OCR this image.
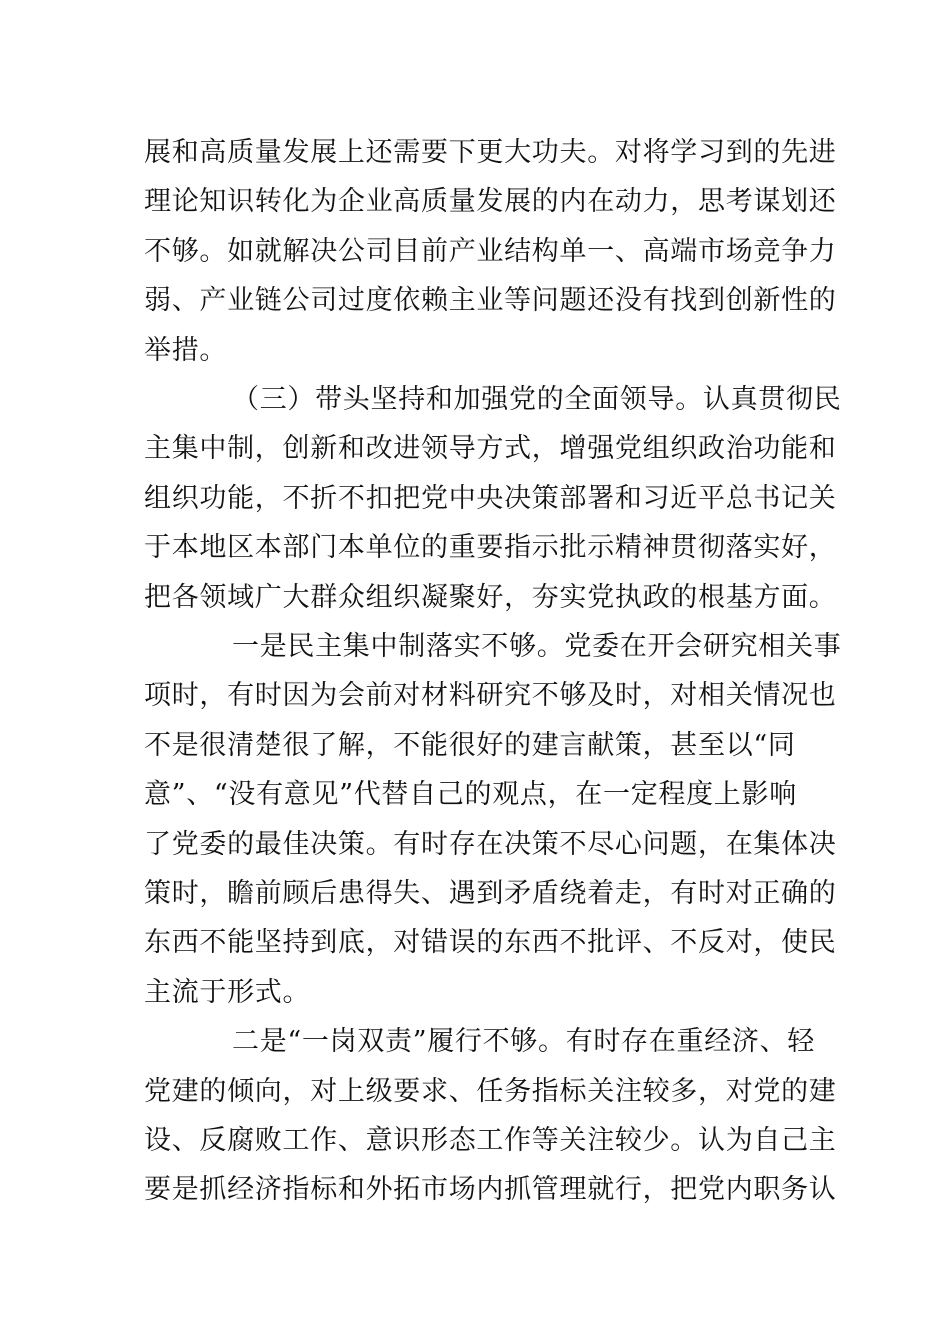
展和高质量发展上还需要下更大功夫。对将学习到的先进
理论知识转化为企业高质量发展的内在动力，思考谋划还
不够。如就解决公司目前产业结构单一、高端市场竞争力
弱、产业链公司过度依赖主业等问题还没有找到创新性的
举措。
（三）带头坚持和加强党的全面领导。认真贯彻民
主集中制，创新和改进领导方式，增强党组织政治功能和
组织功能，不折不扣把党中央决策部署和习近平总书记关
于本地区本部门本单位的重要指示批示精神贯彻落实好，
把各领域广大群众组织凝聚好，夯实党执政的根基方面。
一是民主集中制落实不够。党委在开会研究相关事
项时，有时因为会前对材料研究不够及时，对相关情况也
不是很清楚很了解，不能很好的建言献策，甚至以“同
意”、“没有意见”代替自己的观点，在一定程度上影响
了党委的最佳决策。有时存在决策不尽心问题，在集体决
策时，瞻前顾后患得失、遇到矛盾绕着走，有时对正确的
东西不能坚持到底，对错误的东西不批评、不反对，使民
主流于形式。
二是“一岗双责”履行不够。有时存在重经济、轻
党建的倾向，对上级要求、任务指标关注较多，对党的建
设、反腐败工作、意识形态工作等关注较少。认为自己主
要是抓经济指标和外拓市场内抓管理就行，把党内职务认
